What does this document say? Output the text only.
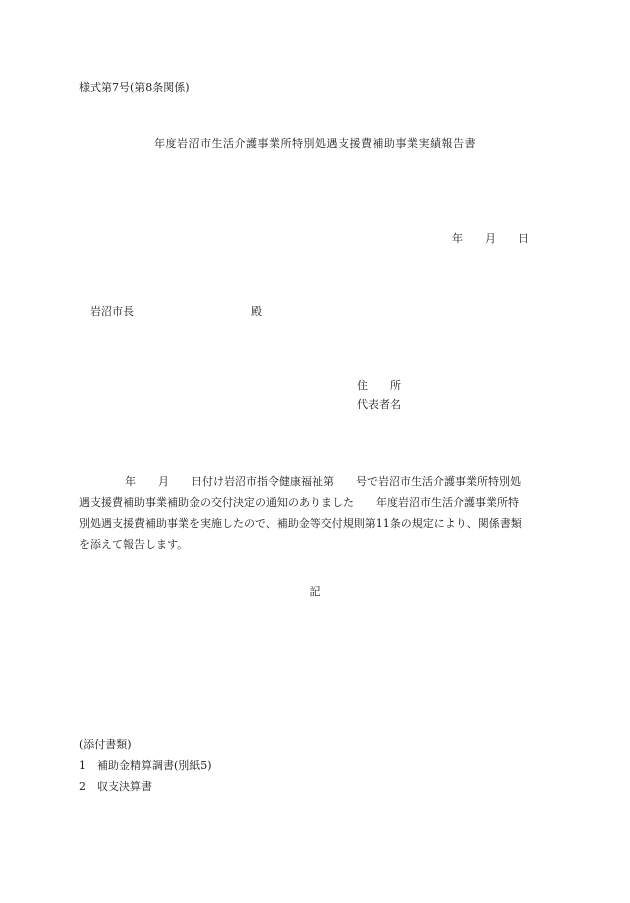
様式第7号(第8条関係)
年度岩沼市生活介護事業所特別処遇支援費補助事業実績報告書
年 月 日
岩沼市長	殿
住 所
代表者名
年 月 日付け岩沼市指令健康福祉第 号で岩沼市生活介護事業所特別処
遇支援費補助事業補助金の交付決定の通知のありました 年度岩沼市生活介護事業所特
別処遇支援費補助事業を実施したので、補助金等交付規則第11条の規定により、関係書類
を添えて報告します。
記
(添付書類)
1 補助金精算調書(別紙5)
2 収支決算書
